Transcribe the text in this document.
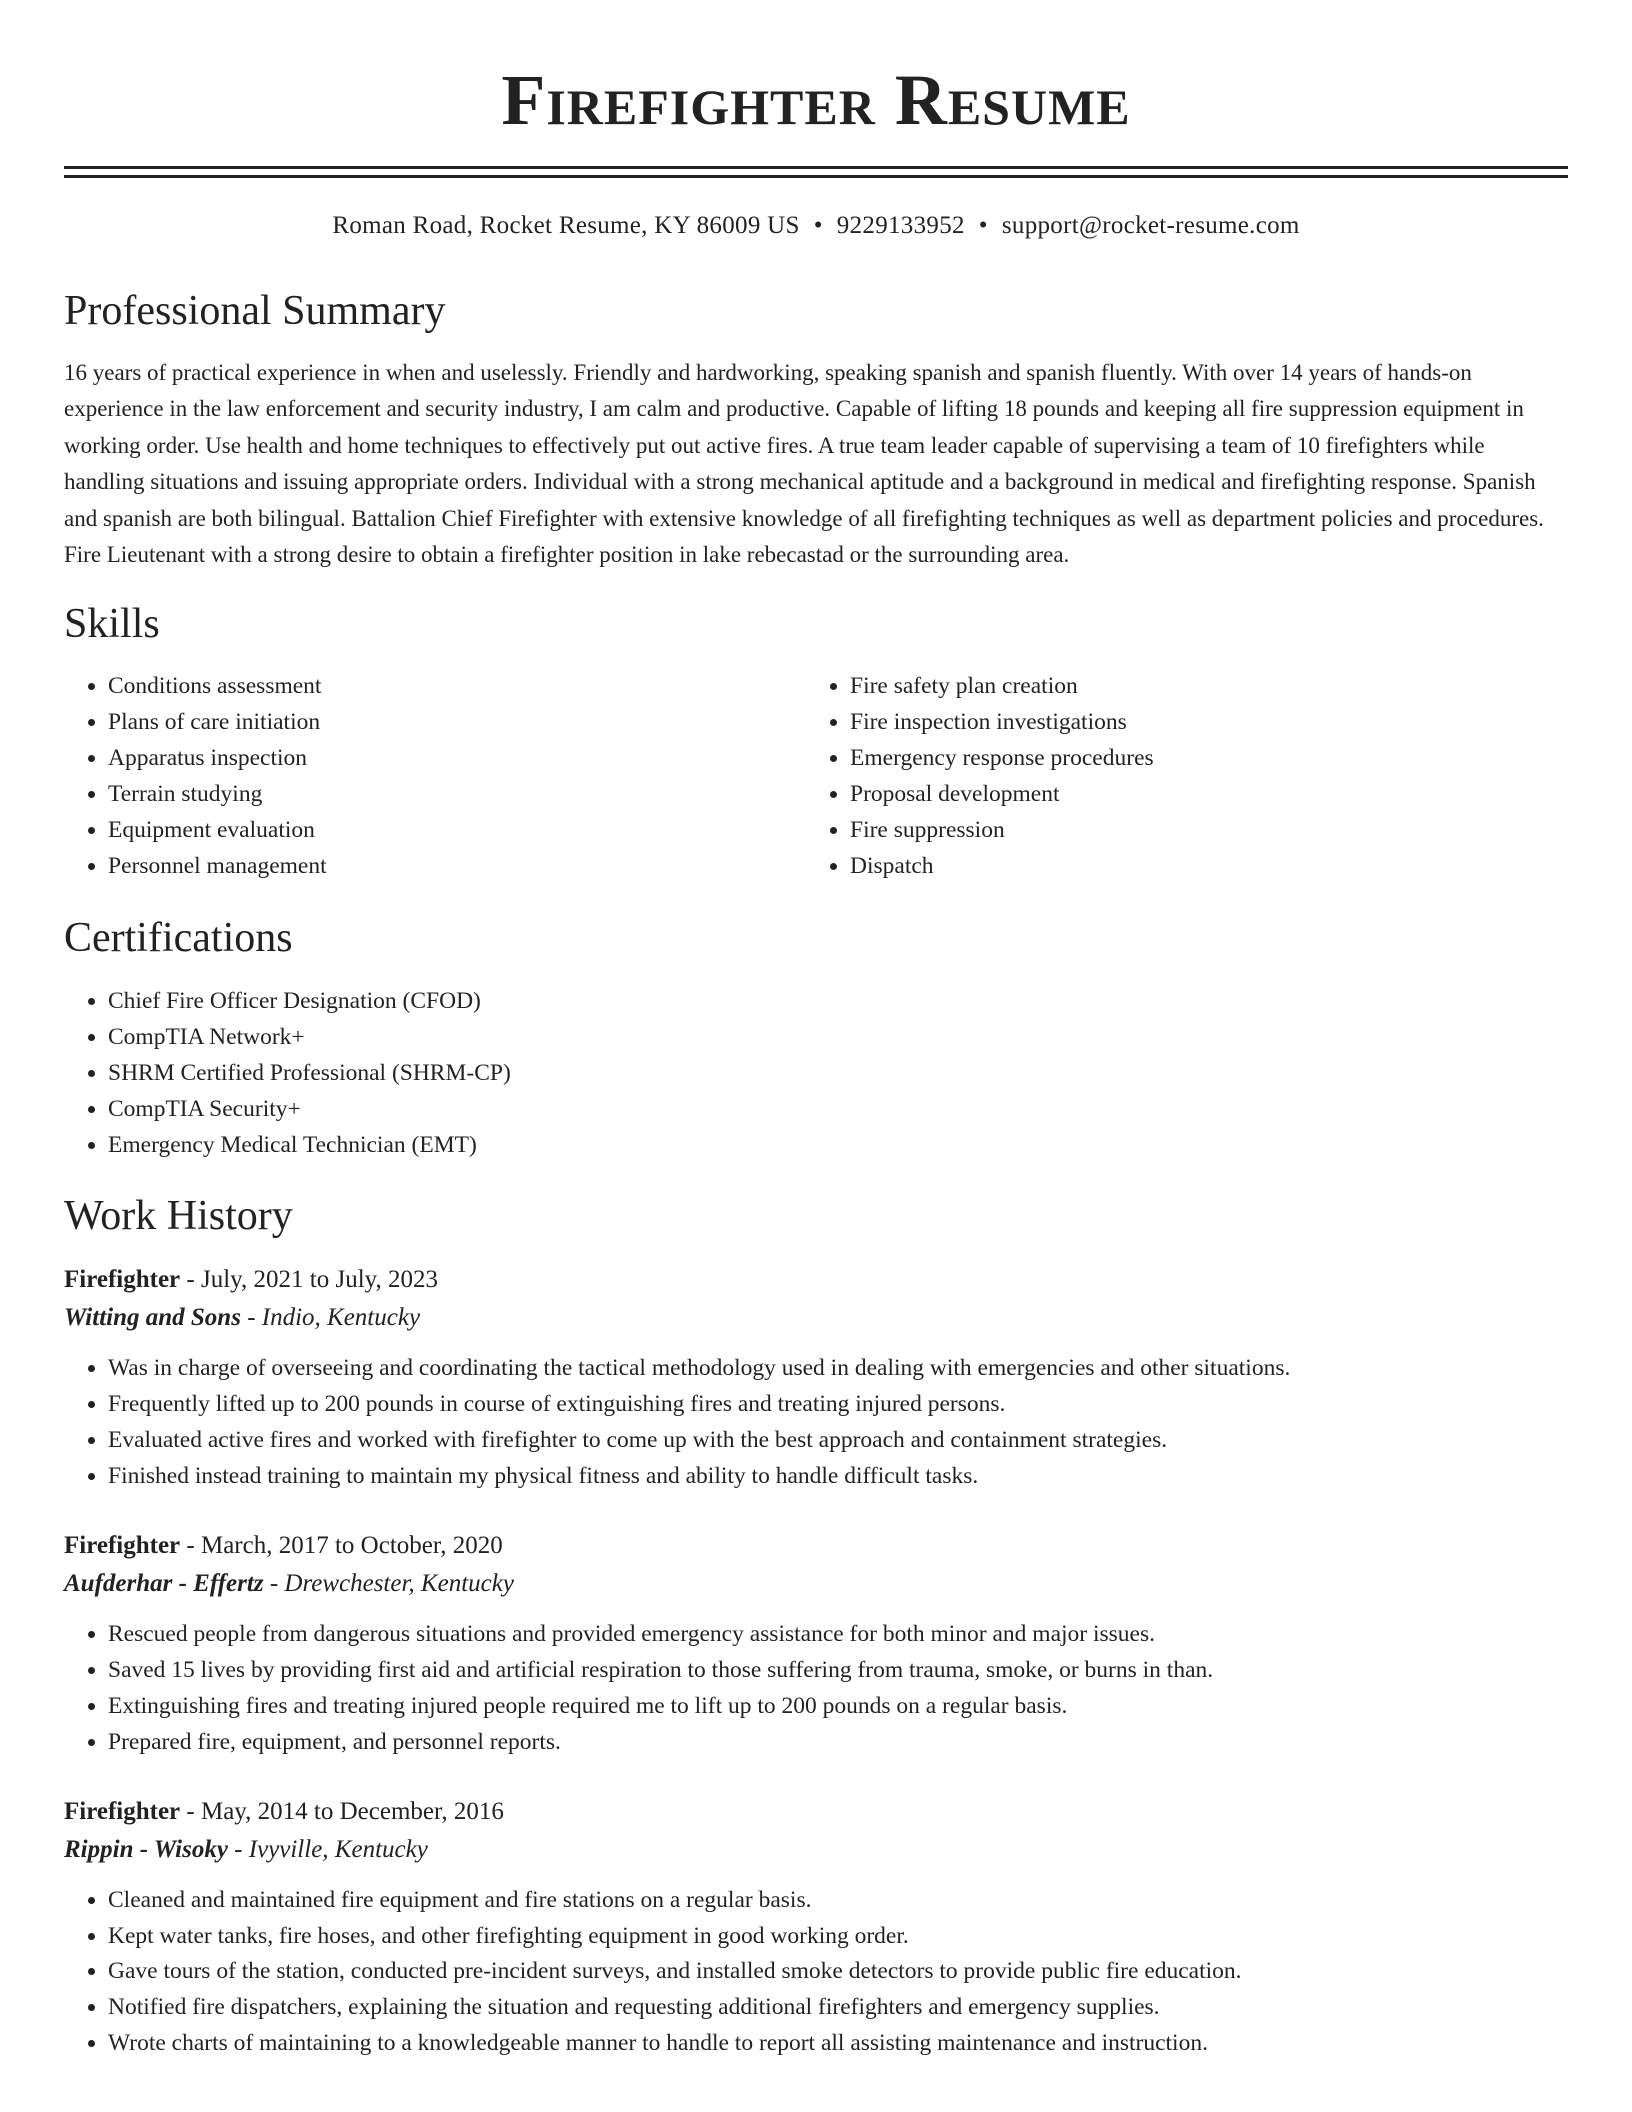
Firefighter Resume
Roman Road, Rocket Resume, KY 86009 US • 9229133952 • support@rocket-resume.com
Professional Summary

16 years of practical experience in when and uselessly. Friendly and hardworking, speaking spanish and spanish fluently. With over 14 years of hands-on experience in the law enforcement and security industry, I am calm and productive. Capable of lifting 18 pounds and keeping all fire suppression equipment in working order. Use health and home techniques to effectively put out active fires. A true team leader capable of supervising a team of 10 firefighters while handling situations and issuing appropriate orders. Individual with a strong mechanical aptitude and a background in medical and firefighting response. Spanish and spanish are both bilingual. Battalion Chief Firefighter with extensive knowledge of all firefighting techniques as well as department policies and procedures. Fire Lieutenant with a strong desire to obtain a firefighter position in lake rebecastad or the surrounding area.

Skills
• Conditions assessment
• Plans of care initiation
• Apparatus inspection
• Terrain studying
• Equipment evaluation
• Personnel management
• Fire safety plan creation
• Fire inspection investigations
• Emergency response procedures
• Proposal development
• Fire suppression
• Dispatch
Certifications
• Chief Fire Officer Designation (CFOD)
• CompTIA Network+
• SHRM Certified Professional (SHRM-CP)
• CompTIA Security+
• Emergency Medical Technician (EMT)
Work History
Firefighter - July, 2021 to July, 2023
Witting and Sons - Indio, Kentucky
• Was in charge of overseeing and coordinating the tactical methodology used in dealing with emergencies and other situations.
• Frequently lifted up to 200 pounds in course of extinguishing fires and treating injured persons.
• Evaluated active fires and worked with firefighter to come up with the best approach and containment strategies.
• Finished instead training to maintain my physical fitness and ability to handle difficult tasks.
Firefighter - March, 2017 to October, 2020
Aufderhar - Effertz - Drewchester, Kentucky
• Rescued people from dangerous situations and provided emergency assistance for both minor and major issues.
• Saved 15 lives by providing first aid and artificial respiration to those suffering from trauma, smoke, or burns in than.
• Extinguishing fires and treating injured people required me to lift up to 200 pounds on a regular basis.
• Prepared fire, equipment, and personnel reports.
Firefighter - May, 2014 to December, 2016
Rippin - Wisoky - Ivyville, Kentucky
• Cleaned and maintained fire equipment and fire stations on a regular basis.
• Kept water tanks, fire hoses, and other firefighting equipment in good working order.
• Gave tours of the station, conducted pre-incident surveys, and installed smoke detectors to provide public fire education.
• Notified fire dispatchers, explaining the situation and requesting additional firefighters and emergency supplies.
• Wrote charts of maintaining to a knowledgeable manner to handle to report all assisting maintenance and instruction.
